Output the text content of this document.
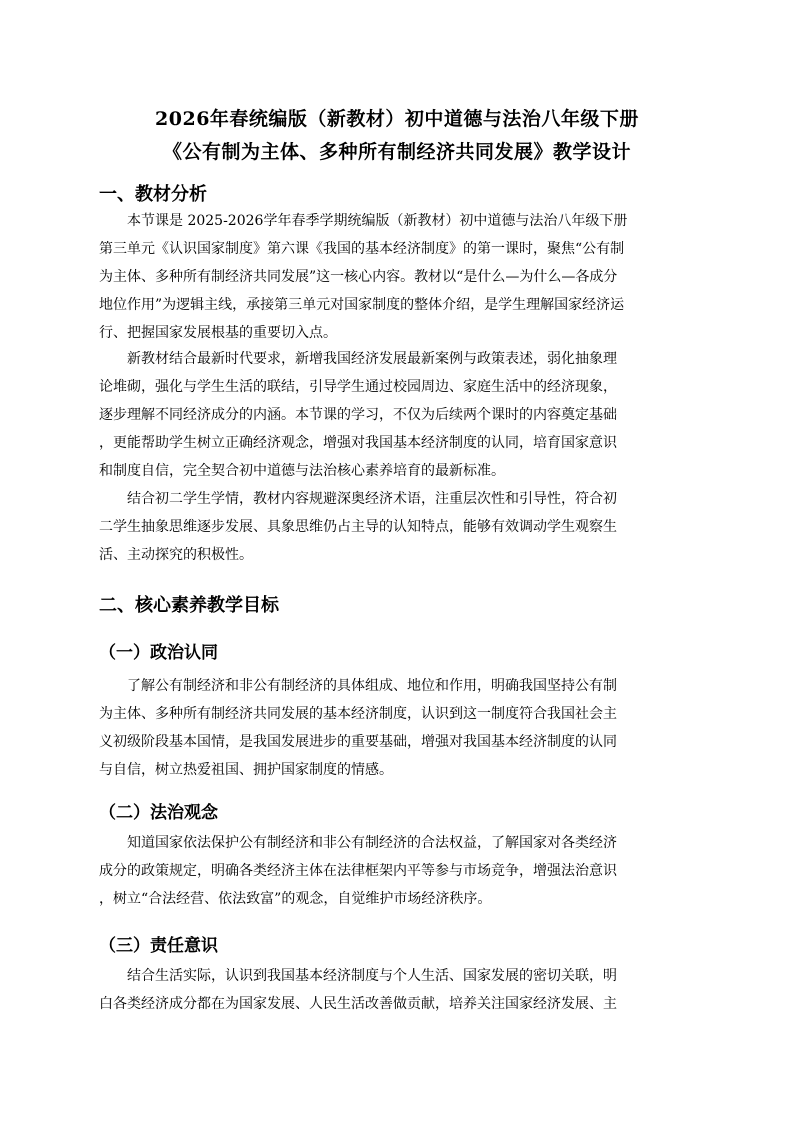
2026年春统编版（新教材）初中道德与法治八年级下册
《公有制为主体、多种所有制经济共同发展》教学设计
一、教材分析
本节课是 2025-2026学年春季学期统编版（新教材）初中道德与法治八年级下册
第三单元《认识国家制度》第六课《我国的基本经济制度》的第一课时，聚焦“公有制
为主体、多种所有制经济共同发展”这一核心内容。教材以“是什么—为什么—各成分
地位作用”为逻辑主线，承接第三单元对国家制度的整体介绍，是学生理解国家经济运
行、把握国家发展根基的重要切入点。
新教材结合最新时代要求，新增我国经济发展最新案例与政策表述，弱化抽象理
论堆砌，强化与学生生活的联结，引导学生通过校园周边、家庭生活中的经济现象，
逐步理解不同经济成分的内涵。本节课的学习，不仅为后续两个课时的内容奠定基础
，更能帮助学生树立正确经济观念，增强对我国基本经济制度的认同，培育国家意识
和制度自信，完全契合初中道德与法治核心素养培育的最新标准。
结合初二学生学情，教材内容规避深奥经济术语，注重层次性和引导性，符合初
二学生抽象思维逐步发展、具象思维仍占主导的认知特点，能够有效调动学生观察生
活、主动探究的积极性。
二、核心素养教学目标
（一）政治认同
了解公有制经济和非公有制经济的具体组成、地位和作用，明确我国坚持公有制
为主体、多种所有制经济共同发展的基本经济制度，认识到这一制度符合我国社会主
义初级阶段基本国情，是我国发展进步的重要基础，增强对我国基本经济制度的认同
与自信，树立热爱祖国、拥护国家制度的情感。
（二）法治观念
知道国家依法保护公有制经济和非公有制经济的合法权益，了解国家对各类经济
成分的政策规定，明确各类经济主体在法律框架内平等参与市场竞争，增强法治意识
，树立“合法经营、依法致富”的观念，自觉维护市场经济秩序。
（三）责任意识
结合生活实际，认识到我国基本经济制度与个人生活、国家发展的密切关联，明
白各类经济成分都在为国家发展、人民生活改善做贡献，培养关注国家经济发展、主
